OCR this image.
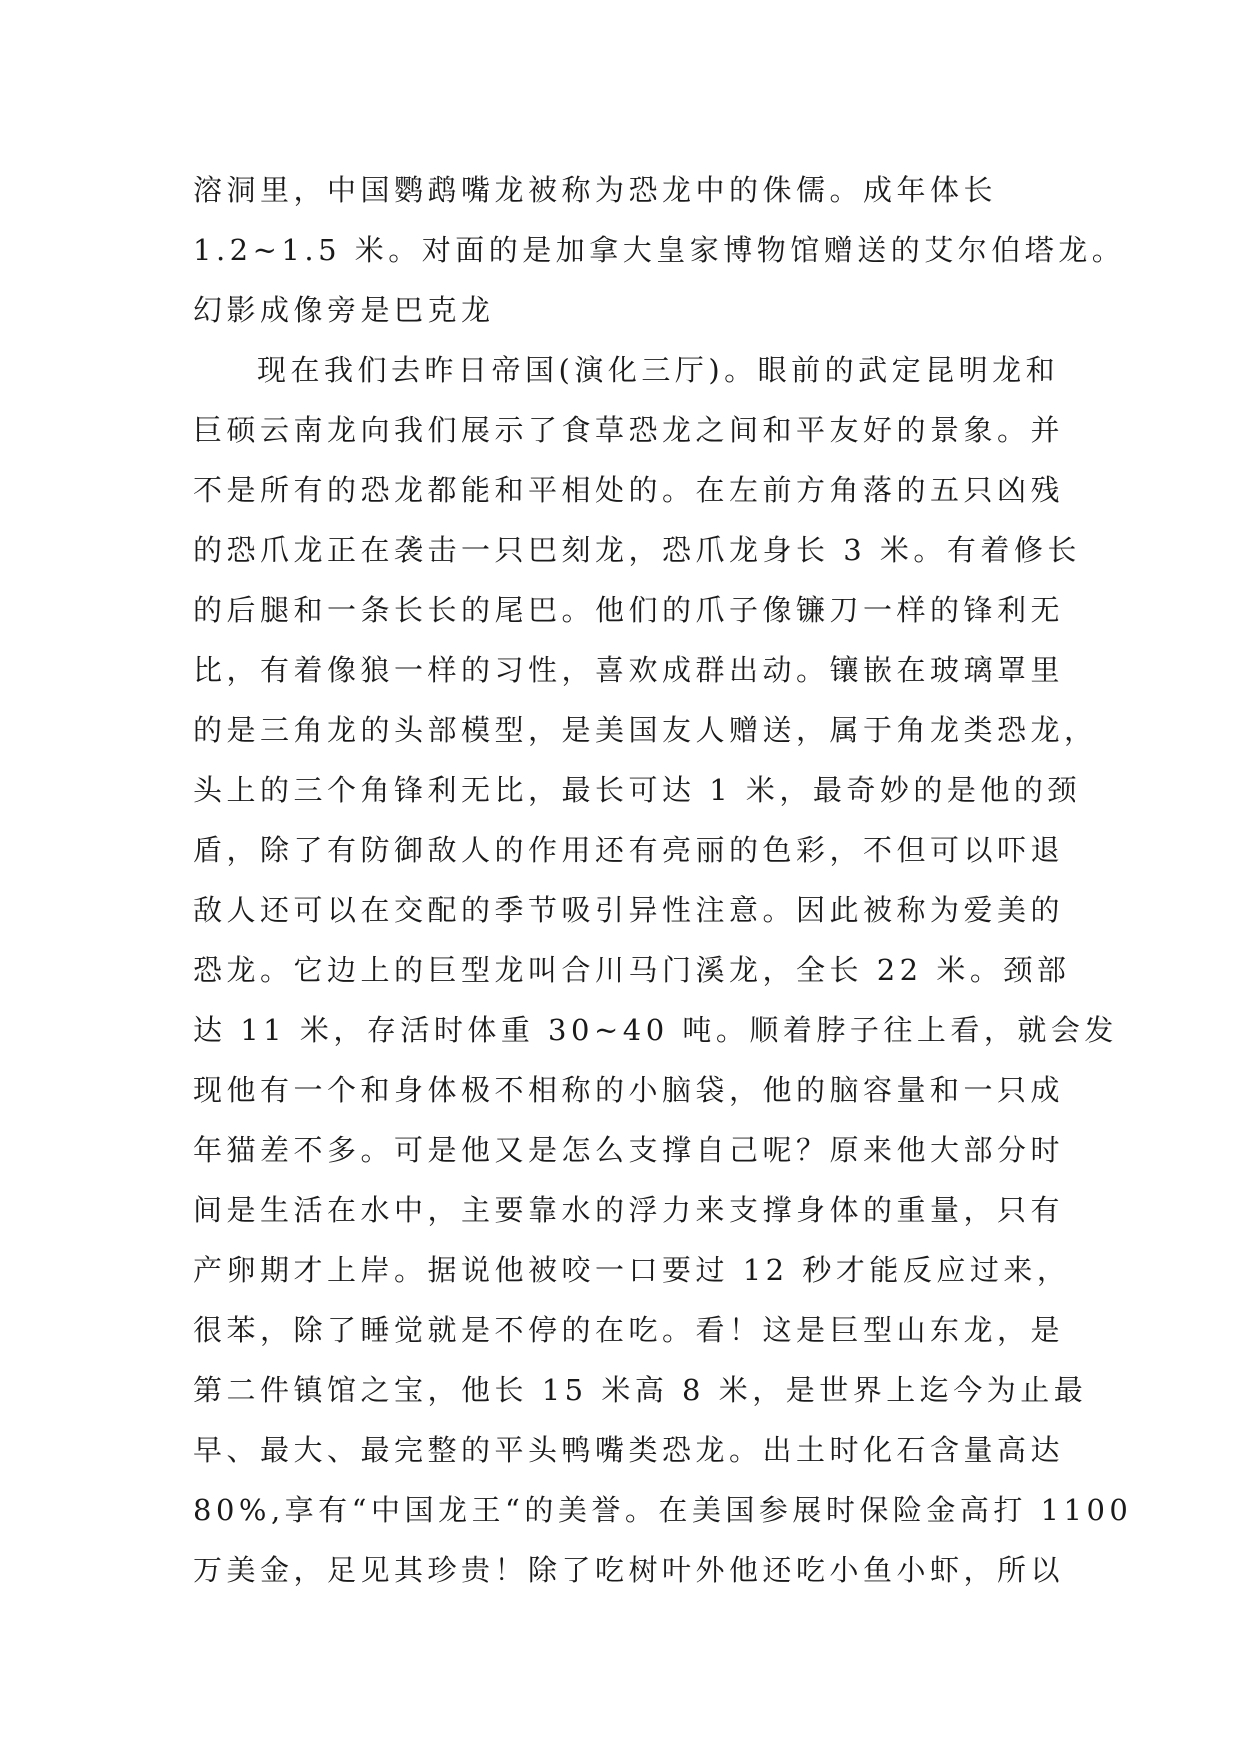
溶洞里，中国鹦鹉嘴龙被称为恐龙中的侏儒。成年体长
1.2~1.5 米。对面的是加拿大皇家博物馆赠送的艾尔伯塔龙。
幻影成像旁是巴克龙
现在我们去昨日帝国(演化三厅)。眼前的武定昆明龙和
巨硕云南龙向我们展示了食草恐龙之间和平友好的景象。并
不是所有的恐龙都能和平相处的。在左前方角落的五只凶残
的恐爪龙正在袭击一只巴刻龙，恐爪龙身长 3 米。有着修长
的后腿和一条长长的尾巴。他们的爪子像镰刀一样的锋利无
比，有着像狼一样的习性，喜欢成群出动。镶嵌在玻璃罩里
的是三角龙的头部模型，是美国友人赠送，属于角龙类恐龙，
头上的三个角锋利无比，最长可达 1 米，最奇妙的是他的颈
盾，除了有防御敌人的作用还有亮丽的色彩，不但可以吓退
敌人还可以在交配的季节吸引异性注意。因此被称为爱美的
恐龙。它边上的巨型龙叫合川马门溪龙，全长 22 米。颈部
达 11 米，存活时体重 30~40 吨。顺着脖子往上看，就会发
现他有一个和身体极不相称的小脑袋，他的脑容量和一只成
年猫差不多。可是他又是怎么支撑自己呢？原来他大部分时
间是生活在水中，主要靠水的浮力来支撑身体的重量，只有
产卵期才上岸。据说他被咬一口要过 12 秒才能反应过来，
很苯，除了睡觉就是不停的在吃。看！这是巨型山东龙，是
第二件镇馆之宝，他长 15 米高 8 米，是世界上迄今为止最
早、最大、最完整的平头鸭嘴类恐龙。出土时化石含量高达
80%,享有“中国龙王“的美誉。在美国参展时保险金高打 1100
万美金，足见其珍贵！除了吃树叶外他还吃小鱼小虾，所以
